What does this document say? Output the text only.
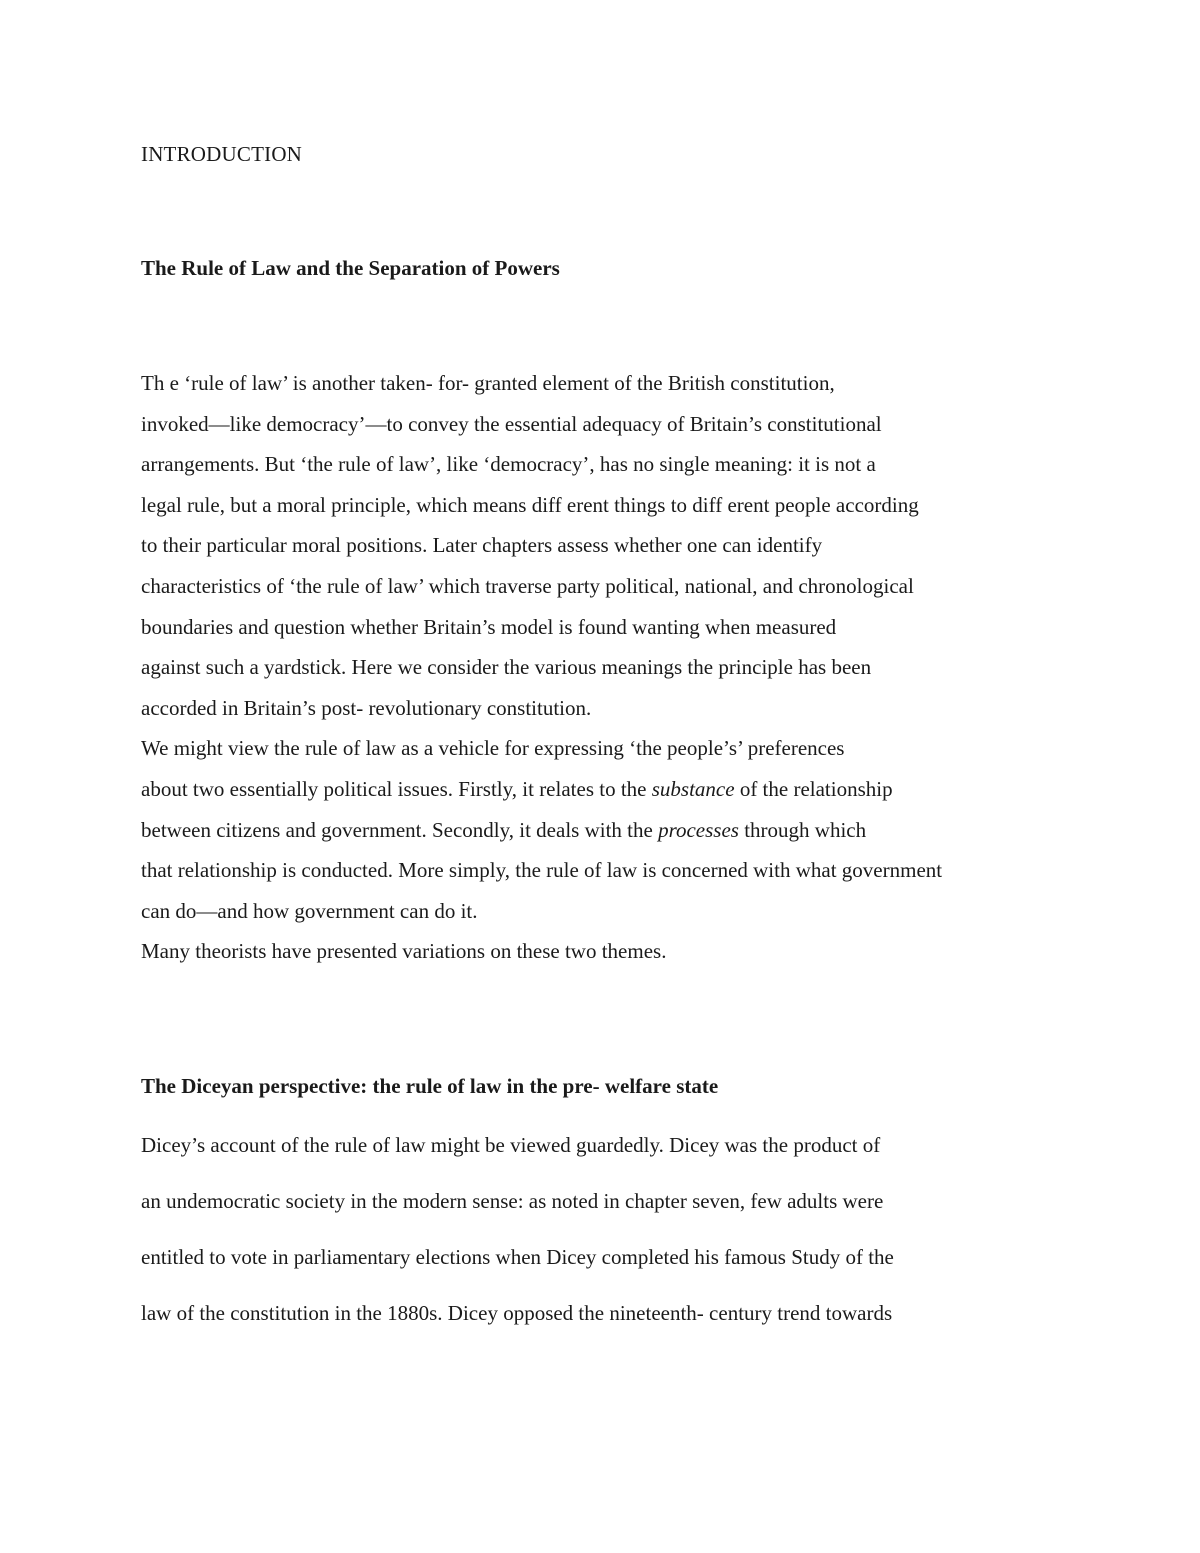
INTRODUCTION
The Rule of Law and the Separation of Powers
Th e ‘rule of law’ is another taken- for- granted element of the British constitution,
invoked—like democracy’—to convey the essential adequacy of Britain’s constitutional
arrangements. But ‘the rule of law’, like ‘democracy’, has no single meaning: it is not a
legal rule, but a moral principle, which means diff erent things to diff erent people according
to their particular moral positions. Later chapters assess whether one can identify
characteristics of ‘the rule of law’ which traverse party political, national, and chronological
boundaries and question whether Britain’s model is found wanting when measured
against such a yardstick. Here we consider the various meanings the principle has been
accorded in Britain’s post- revolutionary constitution.
We might view the rule of law as a vehicle for expressing ‘the people’s’ preferences
about two essentially political issues. Firstly, it relates to the substance of the relationship
between citizens and government. Secondly, it deals with the processes through which
that relationship is conducted. More simply, the rule of law is concerned with what government
can do—and how government can do it.
Many theorists have presented variations on these two themes.
The Diceyan perspective: the rule of law in the pre- welfare state
Dicey’s account of the rule of law might be viewed guardedly. Dicey was the product of
an undemocratic society in the modern sense: as noted in chapter seven, few adults were
entitled to vote in parliamentary elections when Dicey completed his famous Study of the
law of the constitution in the 1880s. Dicey opposed the nineteenth- century trend towards
